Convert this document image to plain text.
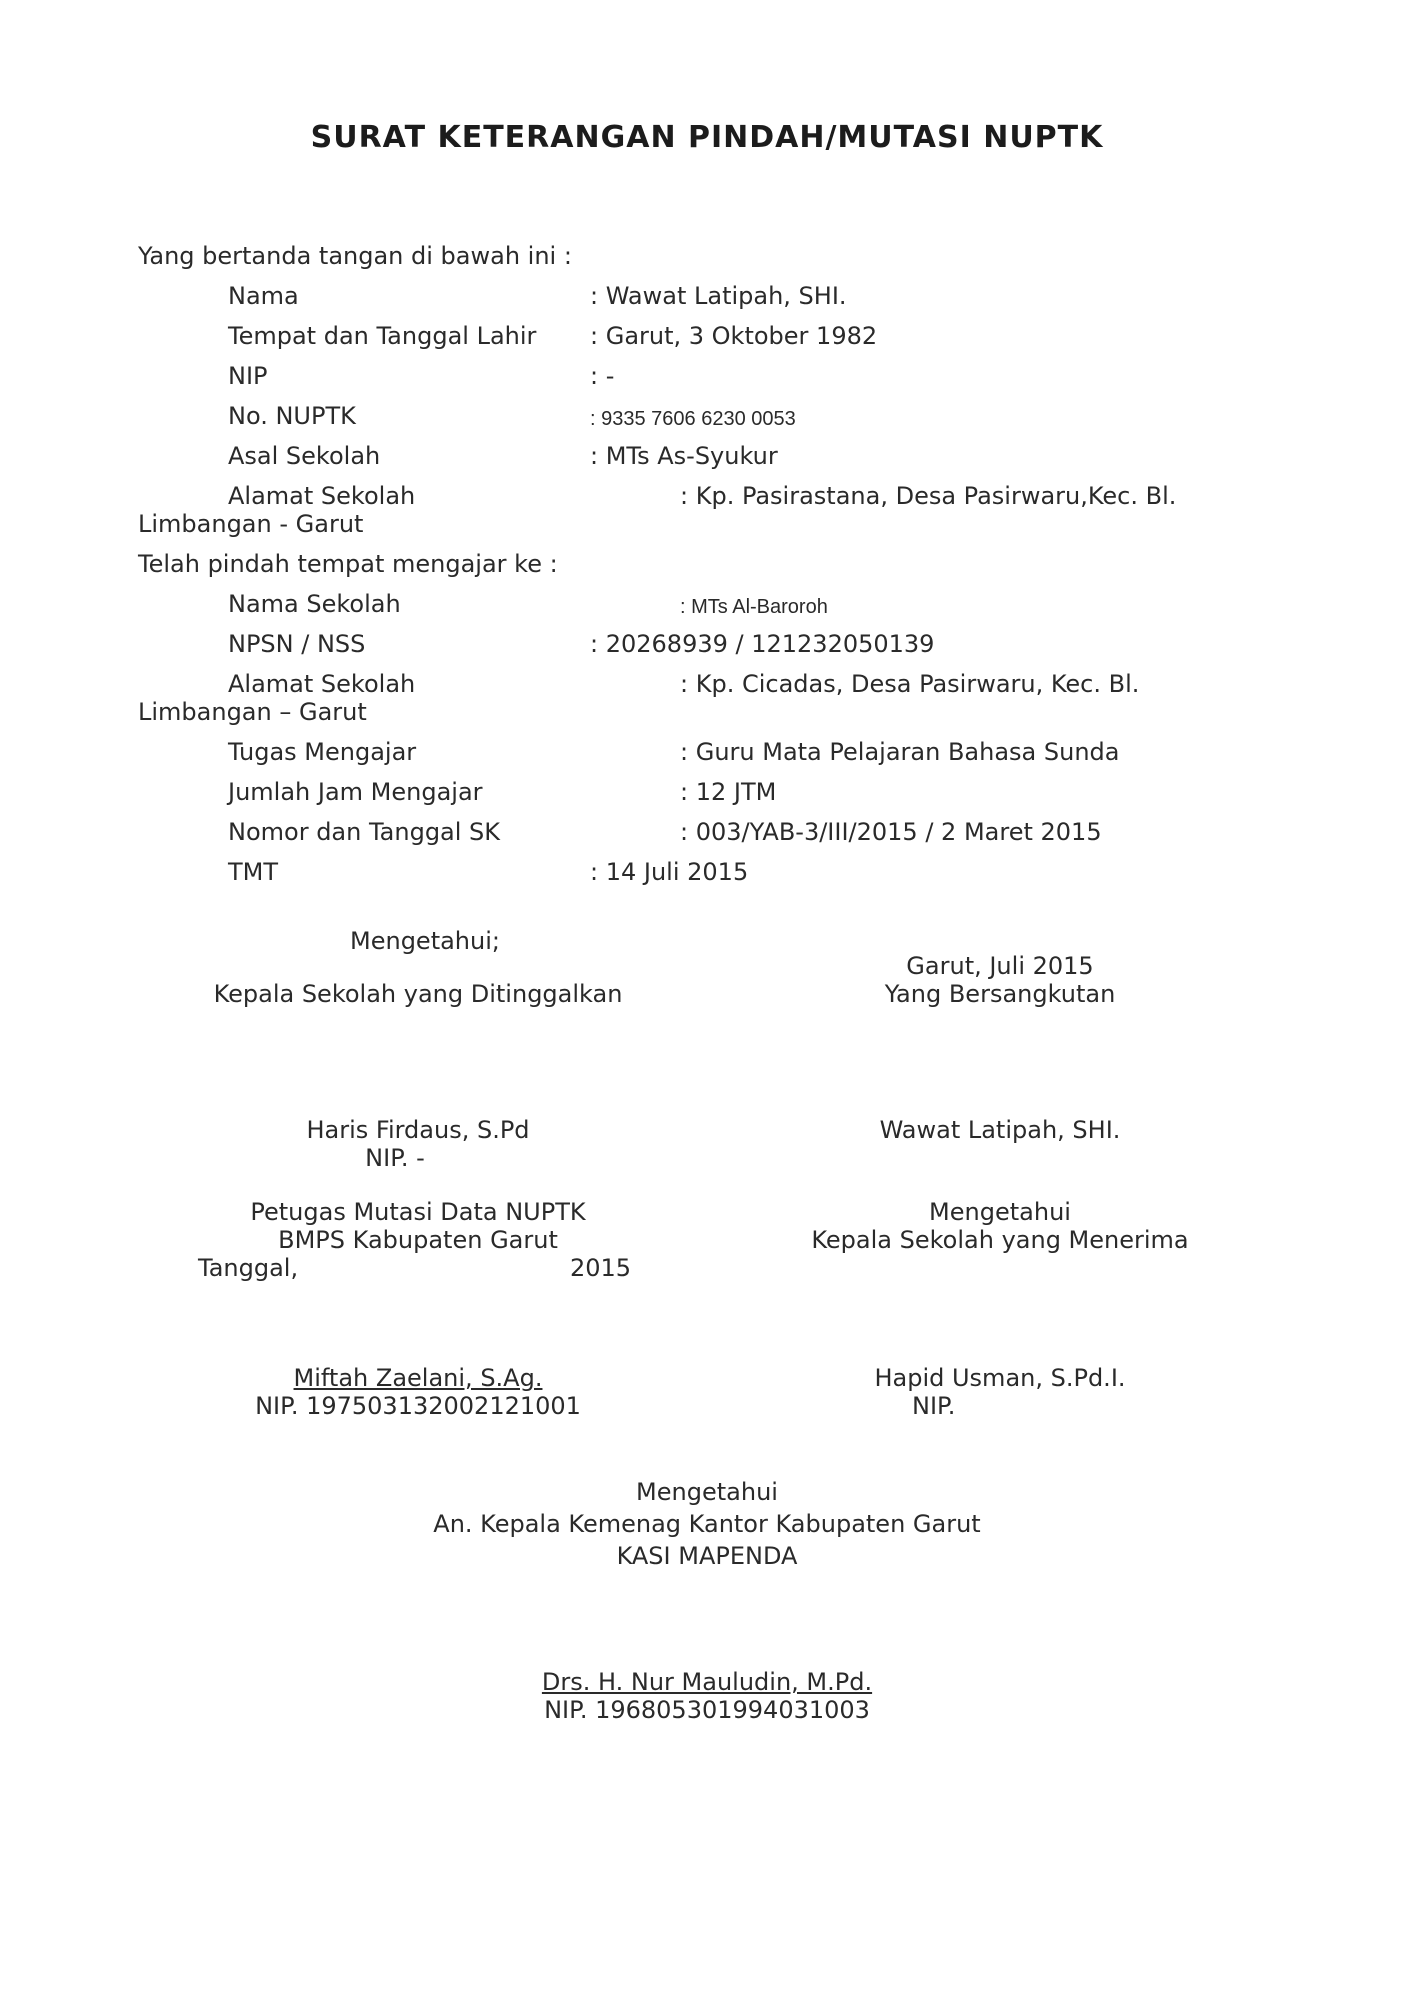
SURAT KETERANGAN PINDAH/MUTASI NUPTK
Yang bertanda tangan di bawah ini :
Nama	: Wawat Latipah, SHI.
Tempat dan Tanggal Lahir : Garut, 3 Oktober 1982
NIP	: -
No. NUPTK	: 9335 7606 6230 0053
Asal Sekolah	: MTs As-Syukur
Alamat Sekolah	: Kp. Pasirastana, Desa Pasirwaru,Kec. Bl.
Limbangan - Garut
Telah pindah tempat mengajar ke :
Nama Sekolah	: MTs Al-Baroroh
NPSN / NSS	: 20268939 / 121232050139
Alamat Sekolah	: Kp. Cicadas, Desa Pasirwaru, Kec. Bl.
Limbangan – Garut
Tugas Mengajar	: Guru Mata Pelajaran Bahasa Sunda
Jumlah Jam Mengajar	: 12 JTM
Nomor dan Tanggal SK	: 003/YAB-3/III/2015 / 2 Maret 2015
TMT	: 14 Juli 2015
Mengetahui;
Kepala Sekolah yang Ditinggalkan
Garut, Juli 2015
Yang Bersangkutan
Haris Firdaus, S.Pd
NIP. -
Wawat Latipah, SHI.
Petugas Mutasi Data NUPTK
BMPS Kabupaten Garut
Tanggal,	2015
Mengetahui
Kepala Sekolah yang Menerima
Miftah Zaelani, S.Ag.
NIP. 197503132002121001
Hapid Usman, S.Pd.I.
NIP.
Mengetahui
An. Kepala Kemenag Kantor Kabupaten Garut
KASI MAPENDA
Drs. H. Nur Mauludin, M.Pd.
NIP. 196805301994031003
